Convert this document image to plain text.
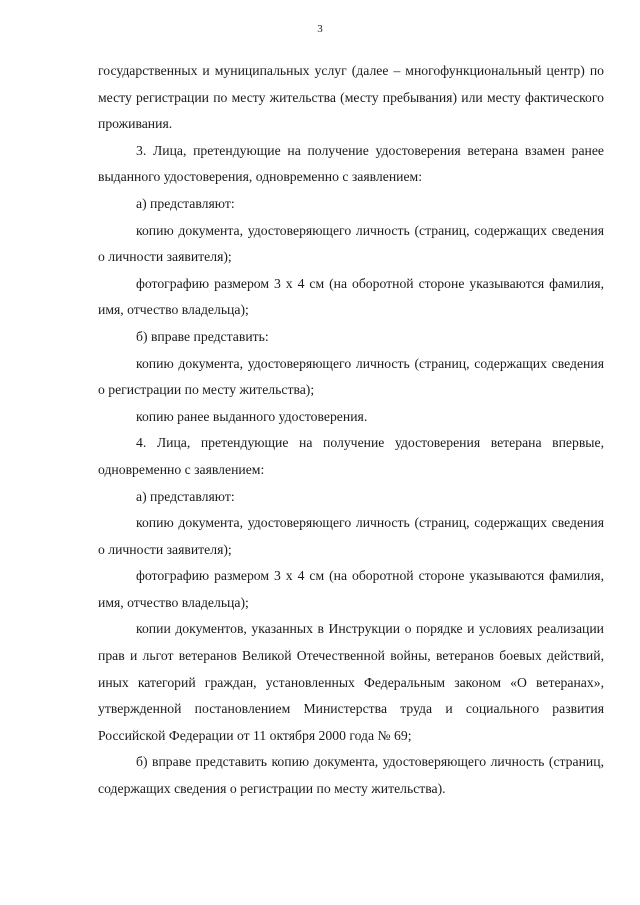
3

государственных и муниципальных услуг (далее – многофункциональный центр) по месту регистрации по месту жительства (месту пребывания) или месту фактического проживания.

3. Лица, претендующие на получение удостоверения ветерана взамен ранее выданного удостоверения, одновременно с заявлением:

а) представляют:

копию документа, удостоверяющего личность (страниц, содержащих сведения о личности заявителя);

фотографию размером 3 х 4 см (на оборотной стороне указываются фамилия, имя, отчество владельца);

б) вправе представить:

копию документа, удостоверяющего личность (страниц, содержащих сведения о регистрации по месту жительства);

копию ранее выданного удостоверения.

4. Лица, претендующие на получение удостоверения ветерана впервые, одновременно с заявлением:

а) представляют:

копию документа, удостоверяющего личность (страниц, содержащих сведения о личности заявителя);

фотографию размером 3 х 4 см (на оборотной стороне указываются фамилия, имя, отчество владельца);

копии документов, указанных в Инструкции о порядке и условиях реализации прав и льгот ветеранов Великой Отечественной войны, ветеранов боевых действий, иных категорий граждан, установленных Федеральным законом «О ветеранах», утвержденной постановлением Министерства труда и социального развития Российской Федерации от 11 октября 2000 года № 69;

б) вправе представить копию документа, удостоверяющего личность (страниц, содержащих сведения о регистрации по месту жительства).
